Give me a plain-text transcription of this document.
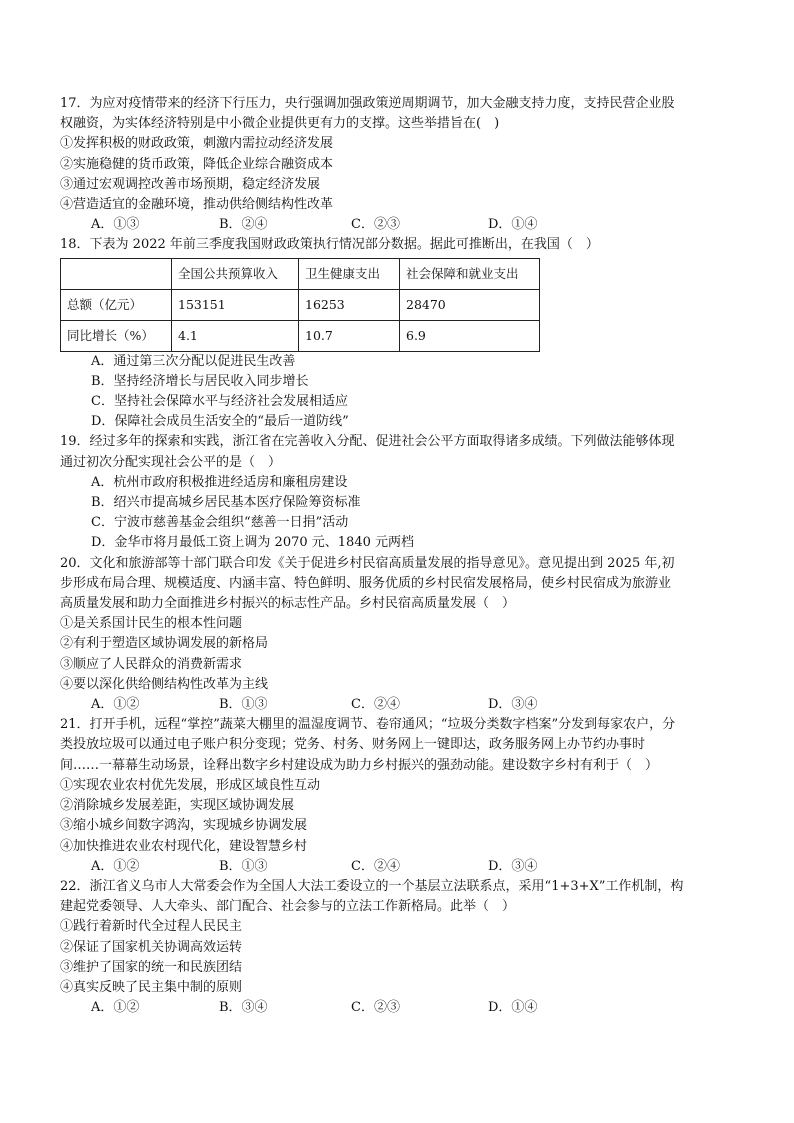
17．为应对疫情带来的经济下行压力，央行强调加强政策逆周期调节，加大金融支持力度，支持民营企业股
权融资，为实体经济特别是中小微企业提供更有力的支撑。这些举措旨在(　)
①发挥积极的财政政策，刺激内需拉动经济发展
②实施稳健的货币政策，降低企业综合融资成本
③通过宏观调控改善市场预期，稳定经济发展
④营造适宜的金融环境，推动供给侧结构性改革
A．①③	B．②④	C．②③	D．①④
18．下表为 2022 年前三季度我国财政政策执行情况部分数据。据此可推断出，在我国（　）
	全国公共预算收入	卫生健康支出	社会保障和就业支出
总额（亿元）	153151	16253	28470
同比增长（%）	4.1	10.7	6.9
A．通过第三次分配以促进民生改善
B．坚持经济增长与居民收入同步增长
C．坚持社会保障水平与经济社会发展相适应
D．保障社会成员生活安全的“最后一道防线”
19．经过多年的探索和实践，浙江省在完善收入分配、促进社会公平方面取得诸多成绩。下列做法能够体现
通过初次分配实现社会公平的是（　）
A．杭州市政府积极推进经适房和廉租房建设
B．绍兴市提高城乡居民基本医疗保险筹资标准
C．宁波市慈善基金会组织“慈善一日捐”活动
D．金华市将月最低工资上调为 2070 元、1840 元两档
20．文化和旅游部等十部门联合印发《关于促进乡村民宿高质量发展的指导意见》。意见提出到 2025 年,初
步形成布局合理、规模适度、内涵丰富、特色鲜明、服务优质的乡村民宿发展格局，使乡村民宿成为旅游业
高质量发展和助力全面推进乡村振兴的标志性产品。乡村民宿高质量发展（　）
①是关系国计民生的根本性问题
②有利于塑造区域协调发展的新格局
③顺应了人民群众的消费新需求
④要以深化供给侧结构性改革为主线
A．①②	B．①③	C．②④	D．③④
21．打开手机，远程“掌控”蔬菜大棚里的温湿度调节、卷帘通风；“垃圾分类数字档案”分发到每家农户，分
类投放垃圾可以通过电子账户积分变现；党务、村务、财务网上一键即达，政务服务网上办节约办事时
间……一幕幕生动场景，诠释出数字乡村建设成为助力乡村振兴的强劲动能。建设数字乡村有利于（　）
①实现农业农村优先发展，形成区域良性互动
②消除城乡发展差距，实现区域协调发展
③缩小城乡间数字鸿沟，实现城乡协调发展
④加快推进农业农村现代化，建设智慧乡村
A．①②	B．①③	C．②④	D．③④
22．浙江省义乌市人大常委会作为全国人大法工委设立的一个基层立法联系点，采用“1+3+X”工作机制，构
建起党委领导、人大牵头、部门配合、社会参与的立法工作新格局。此举（　）
①践行着新时代全过程人民民主
②保证了国家机关协调高效运转
③维护了国家的统一和民族团结
④真实反映了民主集中制的原则
A．①②	B．③④	C．②③	D．①④
